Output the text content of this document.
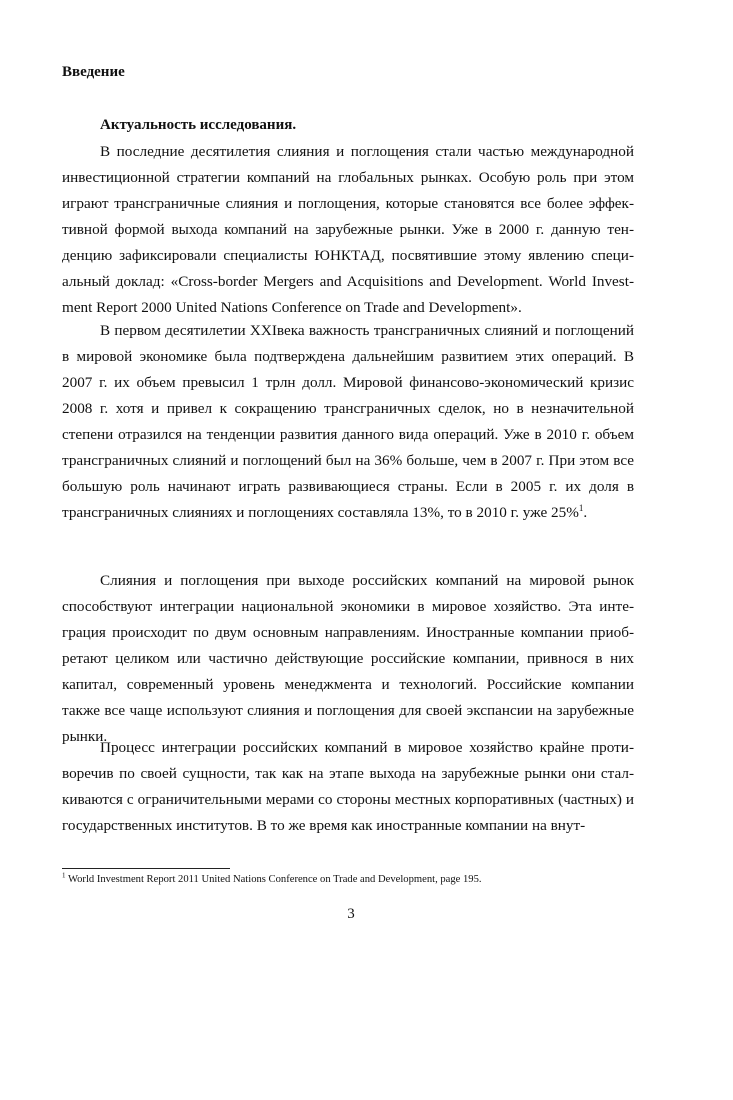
Введение
Актуальность исследования.

В последние десятилетия слияния и поглощения стали частью международной инвестиционной стратегии компаний на глобальных рынках. Особую роль при этом играют трансграничные слияния и поглощения, которые становятся все более эффективной формой выхода компаний на зарубежные рынки. Уже в 2000 г. данную тенденцию зафиксировали специалисты ЮНКТАД, посвятившие этому явлению специальный доклад: «Cross-border Mergers and Acquisitions and Development. World Investment Report 2000 United Nations Conference on Trade and Development».

В первом десятилетии XXIвека важность трансграничных слияний и поглощений в мировой экономике была подтверждена дальнейшим развитием этих операций. В 2007 г. их объем превысил 1 трлн долл. Мировой финансово-экономический кризис 2008 г. хотя и привел к сокращению трансграничных сделок, но в незначительной степени отразился на тенденции развития данного вида операций. Уже в 2010 г. объем трансграничных слияний и поглощений был на 36% больше, чем в 2007 г. При этом все большую роль начинают играть развивающиеся страны. Если в 2005 г. их доля в трансграничных слияниях и поглощениях составляла 13%, то в 2010 г. уже 25%$^1$.

Слияния и поглощения при выходе российских компаний на мировой рынок способствуют интеграции национальной экономики в мировое хозяйство. Эта интеграция происходит по двум основным направлениям. Иностранные компании приобретают целиком или частично действующие российские компании, привнося в них капитал, современный уровень менеджмента и технологий. Российские компании также все чаще используют слияния и поглощения для своей экспансии на зарубежные рынки.

Процесс интеграции российских компаний в мировое хозяйство крайне противоречив по своей сущности, так как на этапе выхода на зарубежные рынки они сталкиваются с ограничительными мерами со стороны местных корпоративных (частных) и государственных институтов. В то же время как иностранные компании на внут-

$^1$ World Investment Report 2011 United Nations Conference on Trade and Development, page 195.

3
